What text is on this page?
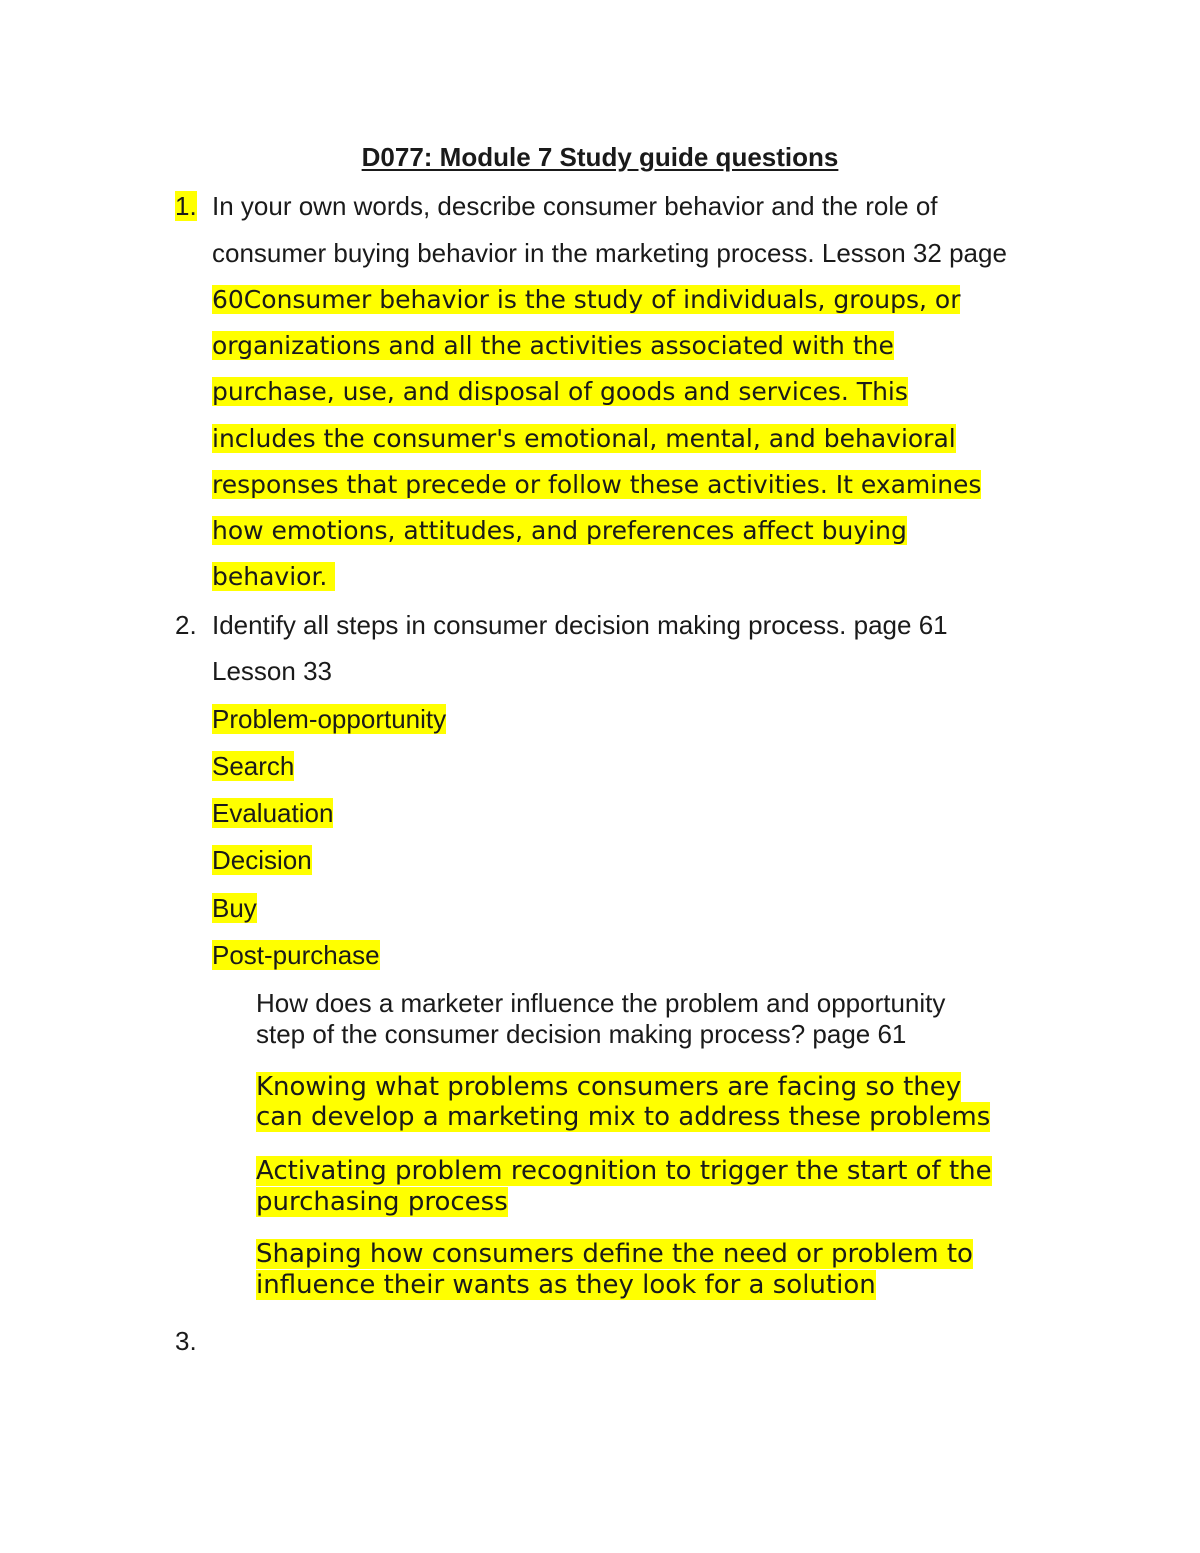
D077: Module 7 Study guide questions
1. In your own words, describe consumer behavior and the role of
consumer buying behavior in the marketing process. Lesson 32 page
60Consumer behavior is the study of individuals, groups, or
organizations and all the activities associated with the
purchase, use, and disposal of goods and services. This
includes the consumer's emotional, mental, and behavioral
responses that precede or follow these activities. It examines
how emotions, attitudes, and preferences affect buying
behavior.
2. Identify all steps in consumer decision making process. page 61
Lesson 33
Problem-opportunity
Search
Evaluation
Decision
Buy
Post-purchase
How does a marketer influence the problem and opportunity
step of the consumer decision making process? page 61
Knowing what problems consumers are facing so they
can develop a marketing mix to address these problems
Activating problem recognition to trigger the start of the
purchasing process
Shaping how consumers define the need or problem to
influence their wants as they look for a solution
3.
